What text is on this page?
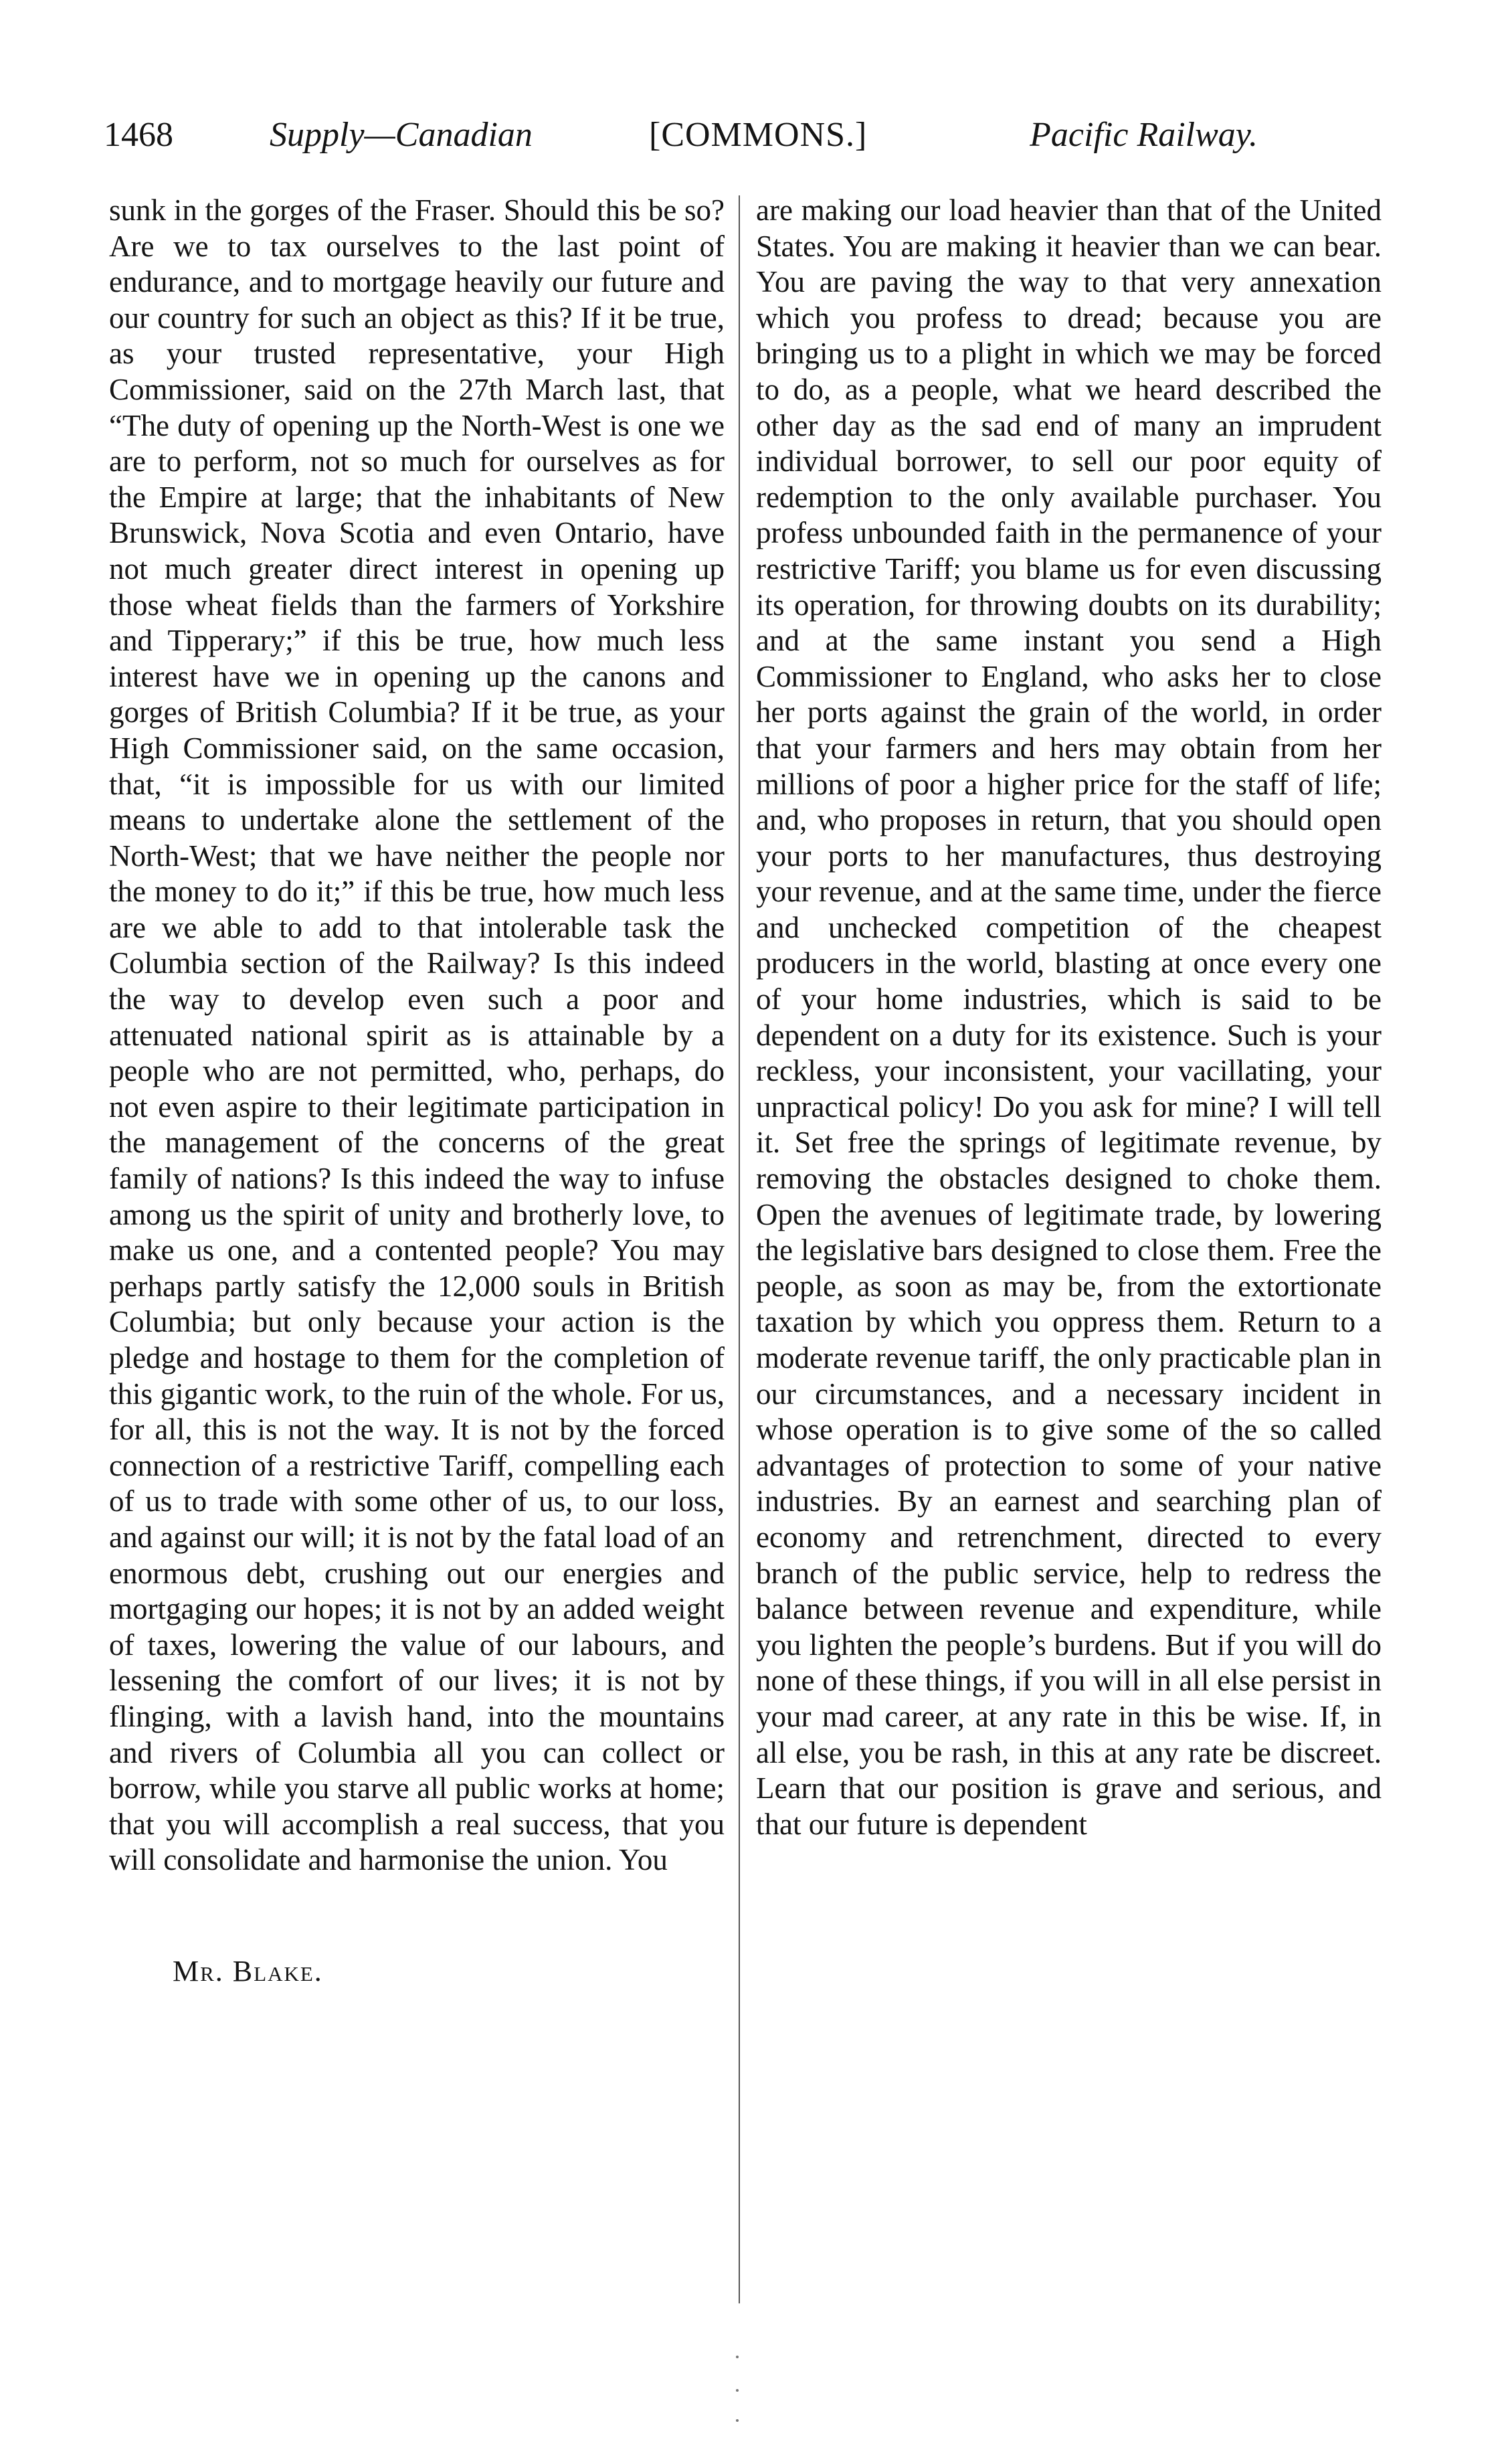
1468	Supply—Canadian	[COMMONS.]	Pacific Railway.
sunk in the gorges of the Fraser. Should this be so? Are we to tax ourselves to the last point of endurance, and to mortgage heavily our future and our country for such an object as this? If it be true, as your trusted representative, your High Commissioner, said on the 27th March last, that “The duty of opening up the North-West is one we are to perform, not so much for ourselves as for the Empire at large; that the inhabitants of New Brunswick, Nova Scotia and even Ontario, have not much greater direct interest in opening up those wheat fields than the farmers of Yorkshire and Tipperary;” if this be true, how much less interest have we in opening up the canons and gorges of British Columbia? If it be true, as your High Commissioner said, on the same occasion, that, “it is impossible for us with our limited means to undertake alone the settlement of the North-West; that we have neither the people nor the money to do it;” if this be true, how much less are we able to add to that intolerable task the Columbia section of the Railway? Is this indeed the way to develop even such a poor and attenuated national spirit as is attainable by a people who are not permitted, who, perhaps, do not even aspire to their legitimate participation in the management of the concerns of the great family of nations? Is this indeed the way to infuse among us the spirit of unity and brotherly love, to make us one, and a contented people? You may perhaps partly satisfy the 12,000 souls in British Columbia; but only because your action is the pledge and hostage to them for the completion of this gigantic work, to the ruin of the whole. For us, for all, this is not the way. It is not by the forced connection of a restrictive Tariff, compelling each of us to trade with some other of us, to our loss, and against our will; it is not by the fatal load of an enormous debt, crushing out our energies and mortgaging our hopes; it is not by an added weight of taxes, lowering the value of our labours, and lessening the comfort of our lives; it is not by flinging, with a lavish hand, into the mountains and rivers of Columbia all you can collect or borrow, while you starve all public works at home; that you will accomplish a real success, that you will consolidate and harmonise the union. You
are making our load heavier than that of the United States. You are making it heavier than we can bear. You are paving the way to that very annexation which you profess to dread; because you are bringing us to a plight in which we may be forced to do, as a people, what we heard described the other day as the sad end of many an imprudent individual borrower, to sell our poor equity of redemption to the only available purchaser. You profess unbounded faith in the permanence of your restrictive Tariff; you blame us for even discussing its operation, for throwing doubts on its durability; and at the same instant you send a High Commissioner to England, who asks her to close her ports against the grain of the world, in order that your farmers and hers may obtain from her millions of poor a higher price for the staff of life; and, who proposes in return, that you should open your ports to her manufactures, thus destroying your revenue, and at the same time, under the fierce and unchecked competition of the cheapest producers in the world, blasting at once every one of your home industries, which is said to be dependent on a duty for its existence. Such is your reckless, your inconsistent, your vacillating, your unpractical policy! Do you ask for mine? I will tell it. Set free the springs of legitimate revenue, by removing the obstacles designed to choke them. Open the avenues of legitimate trade, by lowering the legislative bars designed to close them. Free the people, as soon as may be, from the extortionate taxation by which you oppress them. Return to a moderate revenue tariff, the only practicable plan in our circumstances, and a necessary incident in whose operation is to give some of the so called advantages of protection to some of your native industries. By an earnest and searching plan of economy and retrenchment, directed to every branch of the public service, help to redress the balance between revenue and expenditure, while you lighten the people’s burdens. But if you will do none of these things, if you will in all else persist in your mad career, at any rate in this be wise. If, in all else, you be rash, in this at any rate be discreet. Learn that our position is grave and serious, and that our future is dependent
Mr. Blake.
